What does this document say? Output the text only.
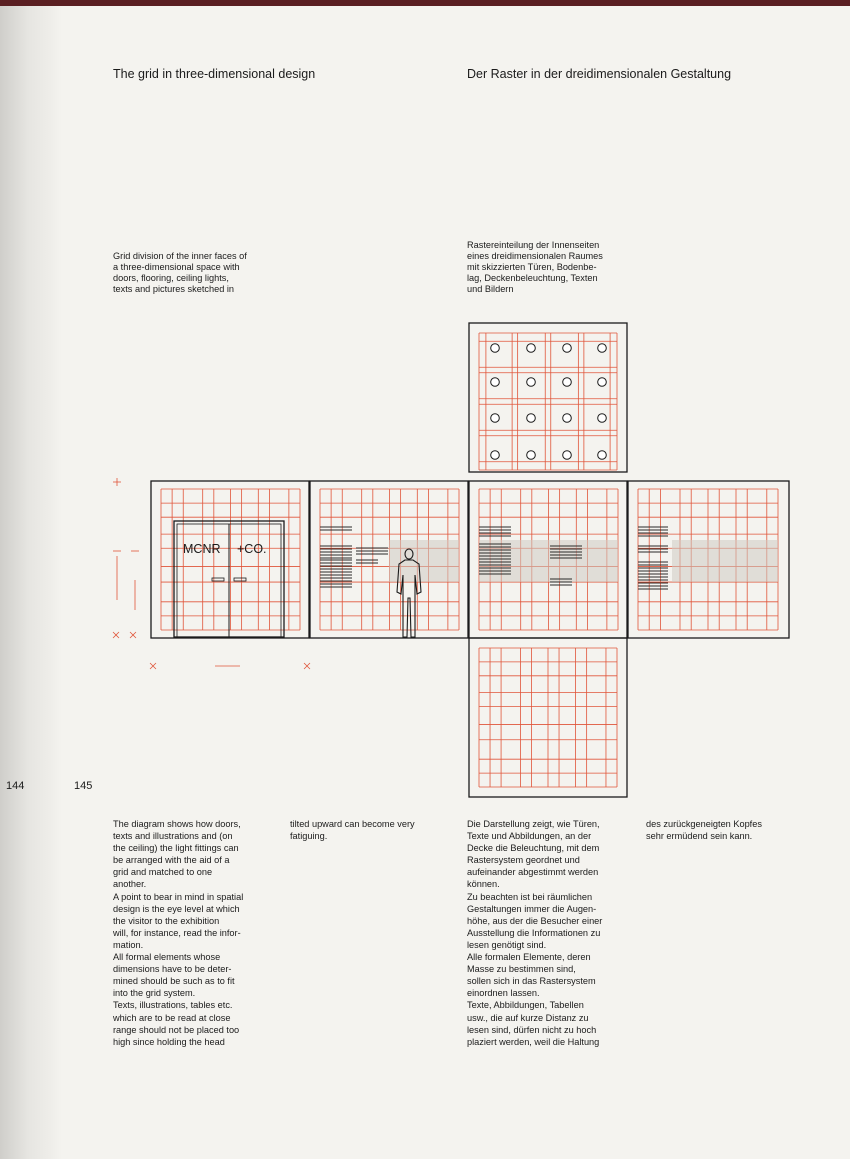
The grid in three-dimensional design	Der Raster in der dreidimensionalen Gestaltung
Grid division of the inner faces of
a three-dimensional space with
doors, flooring, ceiling lights,
texts and pictures sketched in
Rastereinteilung der Innenseiten
eines dreidimensionalen Raumes
mit skizzierten Türen, Bodenbe-
lag, Deckenbeleuchtung, Texten
und Bildern
MCNR +CO.
144	145
The diagram shows how doors,
texts and illustrations and (on
the ceiling) the light fittings can
be arranged with the aid of a
grid and matched to one
another.
A point to bear in mind in spatial
design is the eye level at which
the visitor to the exhibition
will, for instance, read the infor-
mation.
All formal elements whose
dimensions have to be deter-
mined should be such as to fit
into the grid system.
Texts, illustrations, tables etc.
which are to be read at close
range should not be placed too
high since holding the head
tilted upward can become very
fatiguing.
Die Darstellung zeigt, wie Türen,
Texte und Abbildungen, an der
Decke die Beleuchtung, mit dem
Rastersystem geordnet und
aufeinander abgestimmt werden
können.
Zu beachten ist bei räumlichen
Gestaltungen immer die Augen-
höhe, aus der die Besucher einer
Ausstellung die Informationen zu
lesen genötigt sind.
Alle formalen Elemente, deren
Masse zu bestimmen sind,
sollen sich in das Rastersystem
einordnen lassen.
Texte, Abbildungen, Tabellen
usw., die auf kurze Distanz zu
lesen sind, dürfen nicht zu hoch
plaziert werden, weil die Haltung
des zurückgeneigten Kopfes
sehr ermüdend sein kann.
